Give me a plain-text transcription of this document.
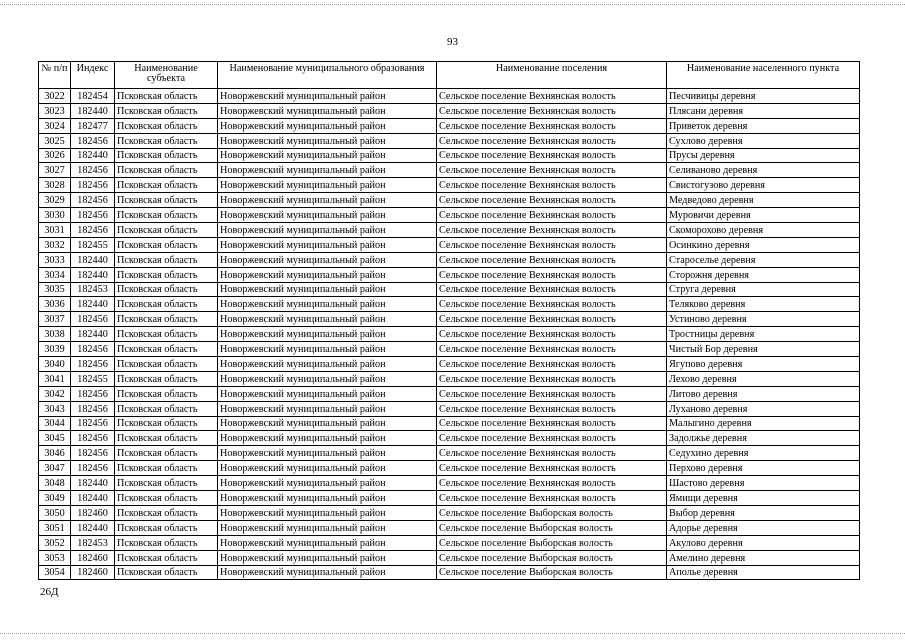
93
№ п/п	Индекс	Наименование субъекта	Наименование муниципального образования	Наименование поселения	Наименование населенного пункта
3022	182454	Псковская область	Новоржевский муниципальный район	Сельское поселение Вехнянская волость	Песчивицы деревня
3023	182440	Псковская область	Новоржевский муниципальный район	Сельское поселение Вехнянская волость	Плясани деревня
3024	182477	Псковская область	Новоржевский муниципальный район	Сельское поселение Вехнянская волость	Приветок деревня
3025	182456	Псковская область	Новоржевский муниципальный район	Сельское поселение Вехнянская волость	Сухлово деревня
3026	182440	Псковская область	Новоржевский муниципальный район	Сельское поселение Вехнянская волость	Прусы деревня
3027	182456	Псковская область	Новоржевский муниципальный район	Сельское поселение Вехнянская волость	Селиваново деревня
3028	182456	Псковская область	Новоржевский муниципальный район	Сельское поселение Вехнянская волость	Свистогузово деревня
3029	182456	Псковская область	Новоржевский муниципальный район	Сельское поселение Вехнянская волость	Медведово деревня
3030	182456	Псковская область	Новоржевский муниципальный район	Сельское поселение Вехнянская волость	Муровичи деревня
3031	182456	Псковская область	Новоржевский муниципальный район	Сельское поселение Вехнянская волость	Скоморохово деревня
3032	182455	Псковская область	Новоржевский муниципальный район	Сельское поселение Вехнянская волость	Осинкино деревня
3033	182440	Псковская область	Новоржевский муниципальный район	Сельское поселение Вехнянская волость	Староселье деревня
3034	182440	Псковская область	Новоржевский муниципальный район	Сельское поселение Вехнянская волость	Сторожня деревня
3035	182453	Псковская область	Новоржевский муниципальный район	Сельское поселение Вехнянская волость	Струга деревня
3036	182440	Псковская область	Новоржевский муниципальный район	Сельское поселение Вехнянская волость	Теляково деревня
3037	182456	Псковская область	Новоржевский муниципальный район	Сельское поселение Вехнянская волость	Устиново деревня
3038	182440	Псковская область	Новоржевский муниципальный район	Сельское поселение Вехнянская волость	Тростницы деревня
3039	182456	Псковская область	Новоржевский муниципальный район	Сельское поселение Вехнянская волость	Чистый Бор деревня
3040	182456	Псковская область	Новоржевский муниципальный район	Сельское поселение Вехнянская волость	Ягупово деревня
3041	182455	Псковская область	Новоржевский муниципальный район	Сельское поселение Вехнянская волость	Лехово деревня
3042	182456	Псковская область	Новоржевский муниципальный район	Сельское поселение Вехнянская волость	Литово деревня
3043	182456	Псковская область	Новоржевский муниципальный район	Сельское поселение Вехнянская волость	Луханово деревня
3044	182456	Псковская область	Новоржевский муниципальный район	Сельское поселение Вехнянская волость	Малыгино деревня
3045	182456	Псковская область	Новоржевский муниципальный район	Сельское поселение Вехнянская волость	Задолжье деревня
3046	182456	Псковская область	Новоржевский муниципальный район	Сельское поселение Вехнянская волость	Седухино деревня
3047	182456	Псковская область	Новоржевский муниципальный район	Сельское поселение Вехнянская волость	Перхово деревня
3048	182440	Псковская область	Новоржевский муниципальный район	Сельское поселение Вехнянская волость	Шастово деревня
3049	182440	Псковская область	Новоржевский муниципальный район	Сельское поселение Вехнянская волость	Ямищи деревня
3050	182460	Псковская область	Новоржевский муниципальный район	Сельское поселение Выборская волость	Выбор деревня
3051	182440	Псковская область	Новоржевский муниципальный район	Сельское поселение Выборская волость	Адорье деревня
3052	182453	Псковская область	Новоржевский муниципальный район	Сельское поселение Выборская волость	Акулово деревня
3053	182460	Псковская область	Новоржевский муниципальный район	Сельское поселение Выборская волость	Амелино деревня
3054	182460	Псковская область	Новоржевский муниципальный район	Сельское поселение Выборская волость	Аполье деревня
26Д
